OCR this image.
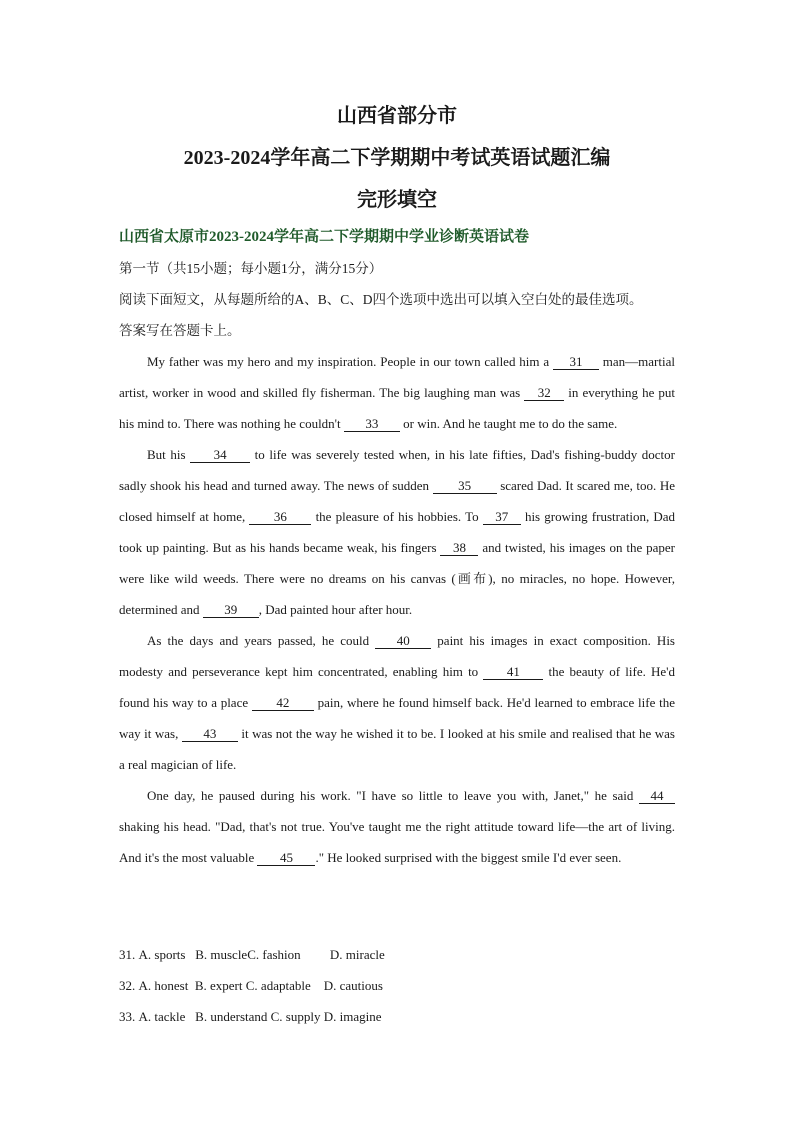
山西省部分市
2023-2024学年高二下学期期中考试英语试题汇编
完形填空
山西省太原市2023-2024学年高二下学期期中学业诊断英语试卷
第一节（共15小题；每小题1分，满分15分）
阅读下面短文，从每题所给的A、B、C、D四个选项中选出可以填入空白处的最佳选项。
答案写在答题卡上。

My father was my hero and my inspiration. People in our town called him a 31 man—martial artist, worker in wood and skilled fly fisherman. The big laughing man was 32 in everything he put his mind to. There was nothing he couldn't 33 or win. And he taught me to do the same.

But his 34 to life was severely tested when, in his late fifties, Dad's fishing-buddy doctor sadly shook his head and turned away. The news of sudden 35 scared Dad. It scared me, too. He closed himself at home, 36 the pleasure of his hobbies. To 37 his growing frustration, Dad took up painting. But as his hands became weak, his fingers 38 and twisted, his images on the paper were like wild weeds. There were no dreams on his canvas (画布), no miracles, no hope. However, determined and 39 , Dad painted hour after hour.

As the days and years passed, he could 40 paint his images in exact composition. His modesty and perseverance kept him concentrated, enabling him to 41 the beauty of life. He'd found his way to a place 42 pain, where he found himself back. He'd learned to embrace life the way it was, 43 it was not the way he wished it to be. I looked at his smile and realised that he was a real magician of life.

One day, he paused during his work. "I have so little to leave you with, Janet," he said 44 shaking his head. "Dad, that's not true. You've taught me the right attitude toward life—the art of living. And it's the most valuable 45 ." He looked surprised with the biggest smile I'd ever seen.

31. A. sports B. muscleC. fashion D. miracle
32. A. honest B. expert C. adaptable D. cautious
33. A. tackle B. understand C. supply D. imagine
